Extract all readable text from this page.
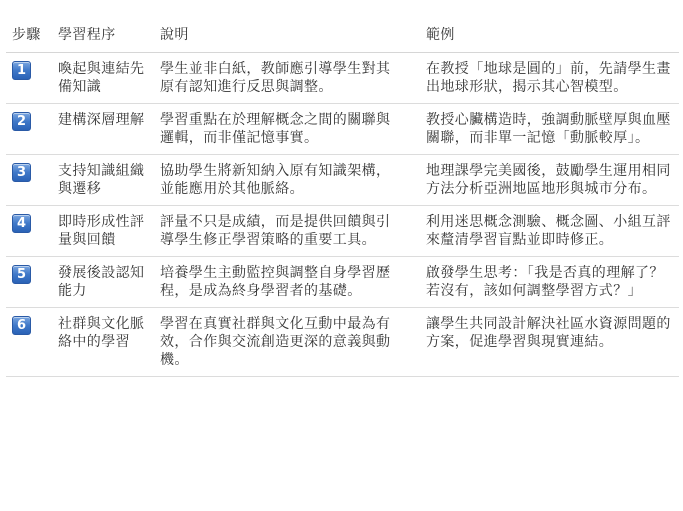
步驟	學習程序	說明	範例
1	喚起與連結先備知識	學生並非白紙，教師應引導學生對其原有認知進行反思與調整。	在教授「地球是圓的」前，先請學生畫出地球形狀，揭示其心智模型。
2	建構深層理解	學習重點在於理解概念之間的關聯與邏輯，而非僅記憶事實。	教授心臟構造時，強調動脈壁厚與血壓關聯，而非單一記憶「動脈較厚」。
3	支持知識組織與遷移	協助學生將新知納入原有知識架構，並能應用於其他脈絡。	地理課學完美國後，鼓勵學生運用相同方法分析亞洲地區地形與城市分布。
4	即時形成性評量與回饋	評量不只是成績，而是提供回饋與引導學生修正學習策略的重要工具。	利用迷思概念測驗、概念圖、小組互評來釐清學習盲點並即時修正。
5	發展後設認知能力	培養學生主動監控與調整自身學習歷程，是成為終身學習者的基礎。	啟發學生思考：「我是否真的理解了？若沒有，該如何調整學習方式？」
6	社群與文化脈絡中的學習	學習在真實社群與文化互動中最為有效，合作與交流創造更深的意義與動機。	讓學生共同設計解決社區水資源問題的方案，促進學習與現實連結。
